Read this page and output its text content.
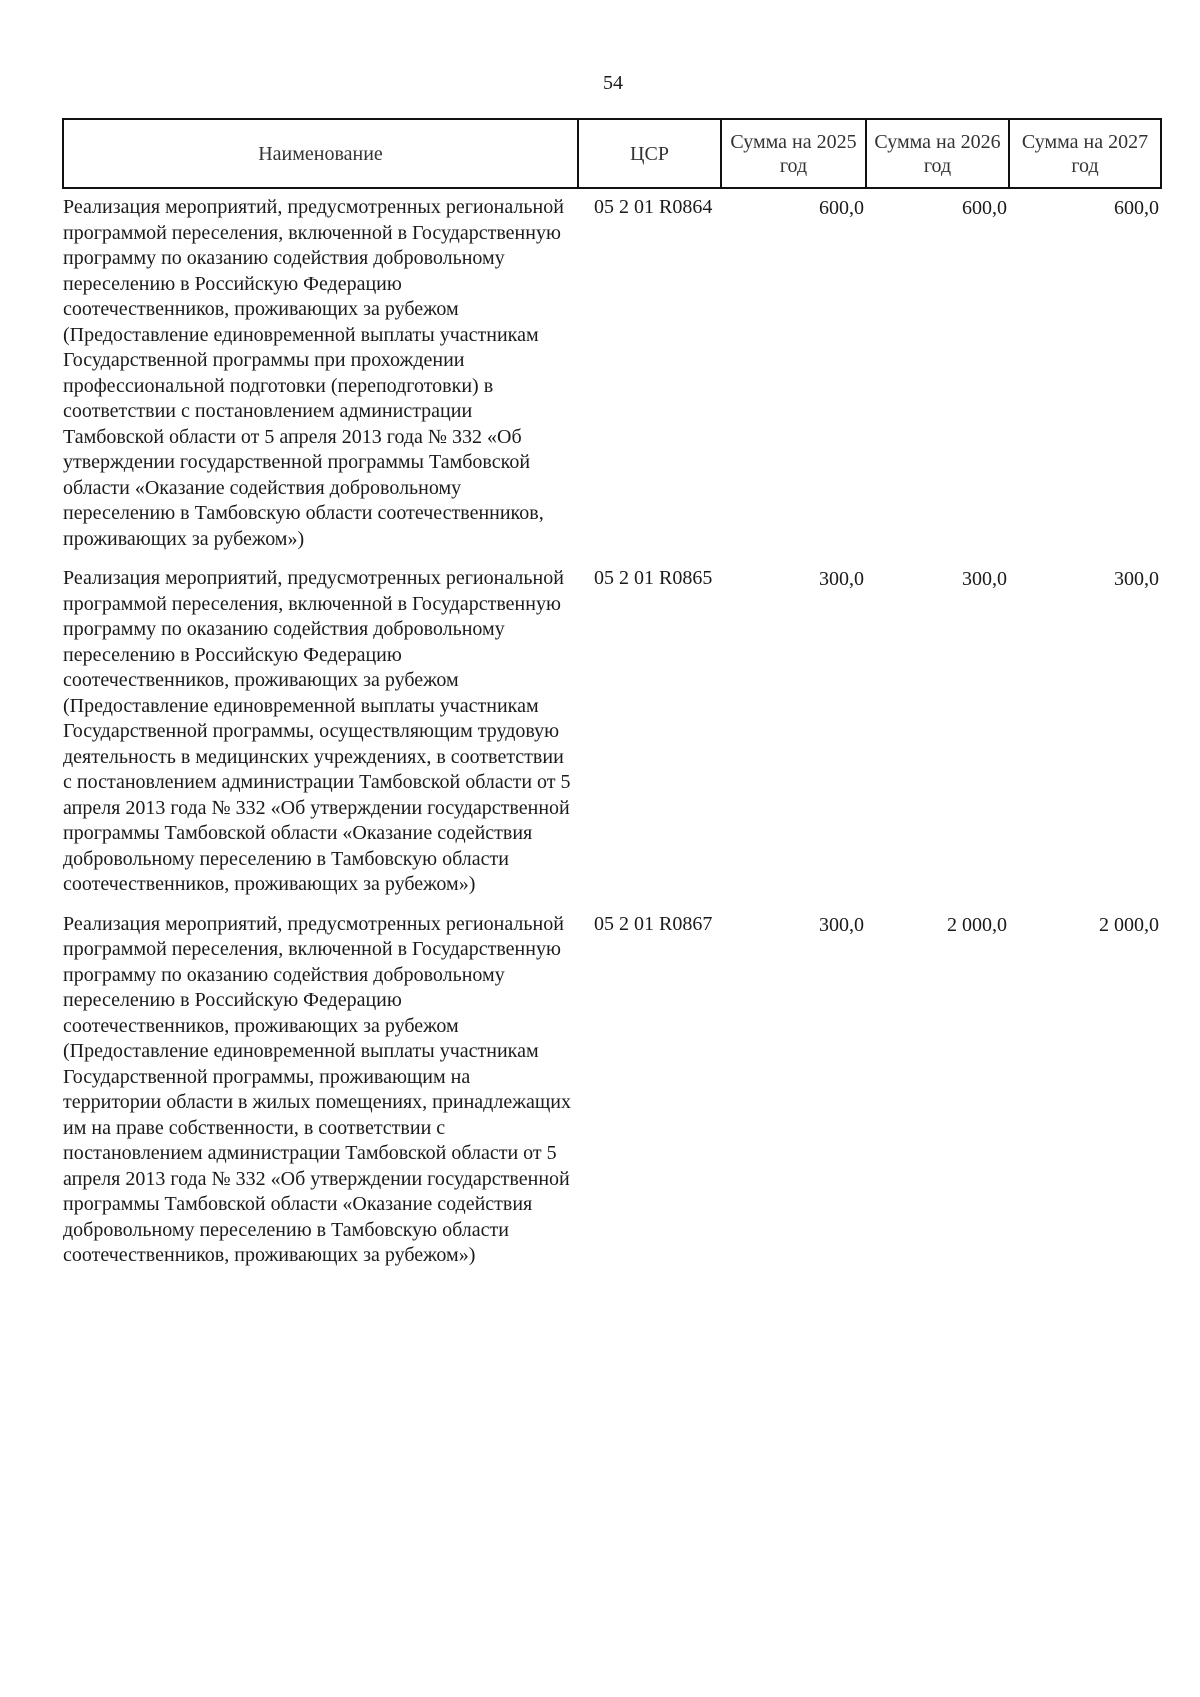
54
Наименование	ЦСР	Сумма на 2025 год	Сумма на 2026 год	Сумма на 2027 год
Реализация мероприятий, предусмотренных региональной программой переселения, включенной в Государственную программу по оказанию содействия добровольному переселению в Российскую Федерацию соотечественников, проживающих за рубежом (Предоставление единовременной выплаты участникам Государственной программы при прохождении профессиональной подготовки (переподготовки) в соответствии с постановлением администрации Тамбовской области от 5 апреля 2013 года № 332 «Об утверждении государственной программы Тамбовской области «Оказание содействия добровольному переселению в Тамбовскую области соотечественников, проживающих за рубежом»)	05 2 01 R0864	600,0	600,0	600,0
Реализация мероприятий, предусмотренных региональной программой переселения, включенной в Государственную программу по оказанию содействия добровольному переселению в Российскую Федерацию соотечественников, проживающих за рубежом (Предоставление единовременной выплаты участникам Государственной программы, осуществляющим трудовую деятельность в медицинских учреждениях, в соответствии с постановлением администрации Тамбовской области от 5 апреля 2013 года № 332 «Об утверждении государственной программы Тамбовской области «Оказание содействия добровольному переселению в Тамбовскую области соотечественников, проживающих за рубежом»)	05 2 01 R0865	300,0	300,0	300,0
Реализация мероприятий, предусмотренных региональной программой переселения, включенной в Государственную программу по оказанию содействия добровольному переселению в Российскую Федерацию соотечественников, проживающих за рубежом (Предоставление единовременной выплаты участникам Государственной программы, проживающим на территории области в жилых помещениях, принадлежащих им на праве собственности, в соответствии с постановлением администрации Тамбовской области от 5 апреля 2013 года № 332 «Об утверждении государственной программы Тамбовской области «Оказание содействия добровольному переселению в Тамбовскую области соотечественников, проживающих за рубежом»)	05 2 01 R0867	300,0	2 000,0	2 000,0
